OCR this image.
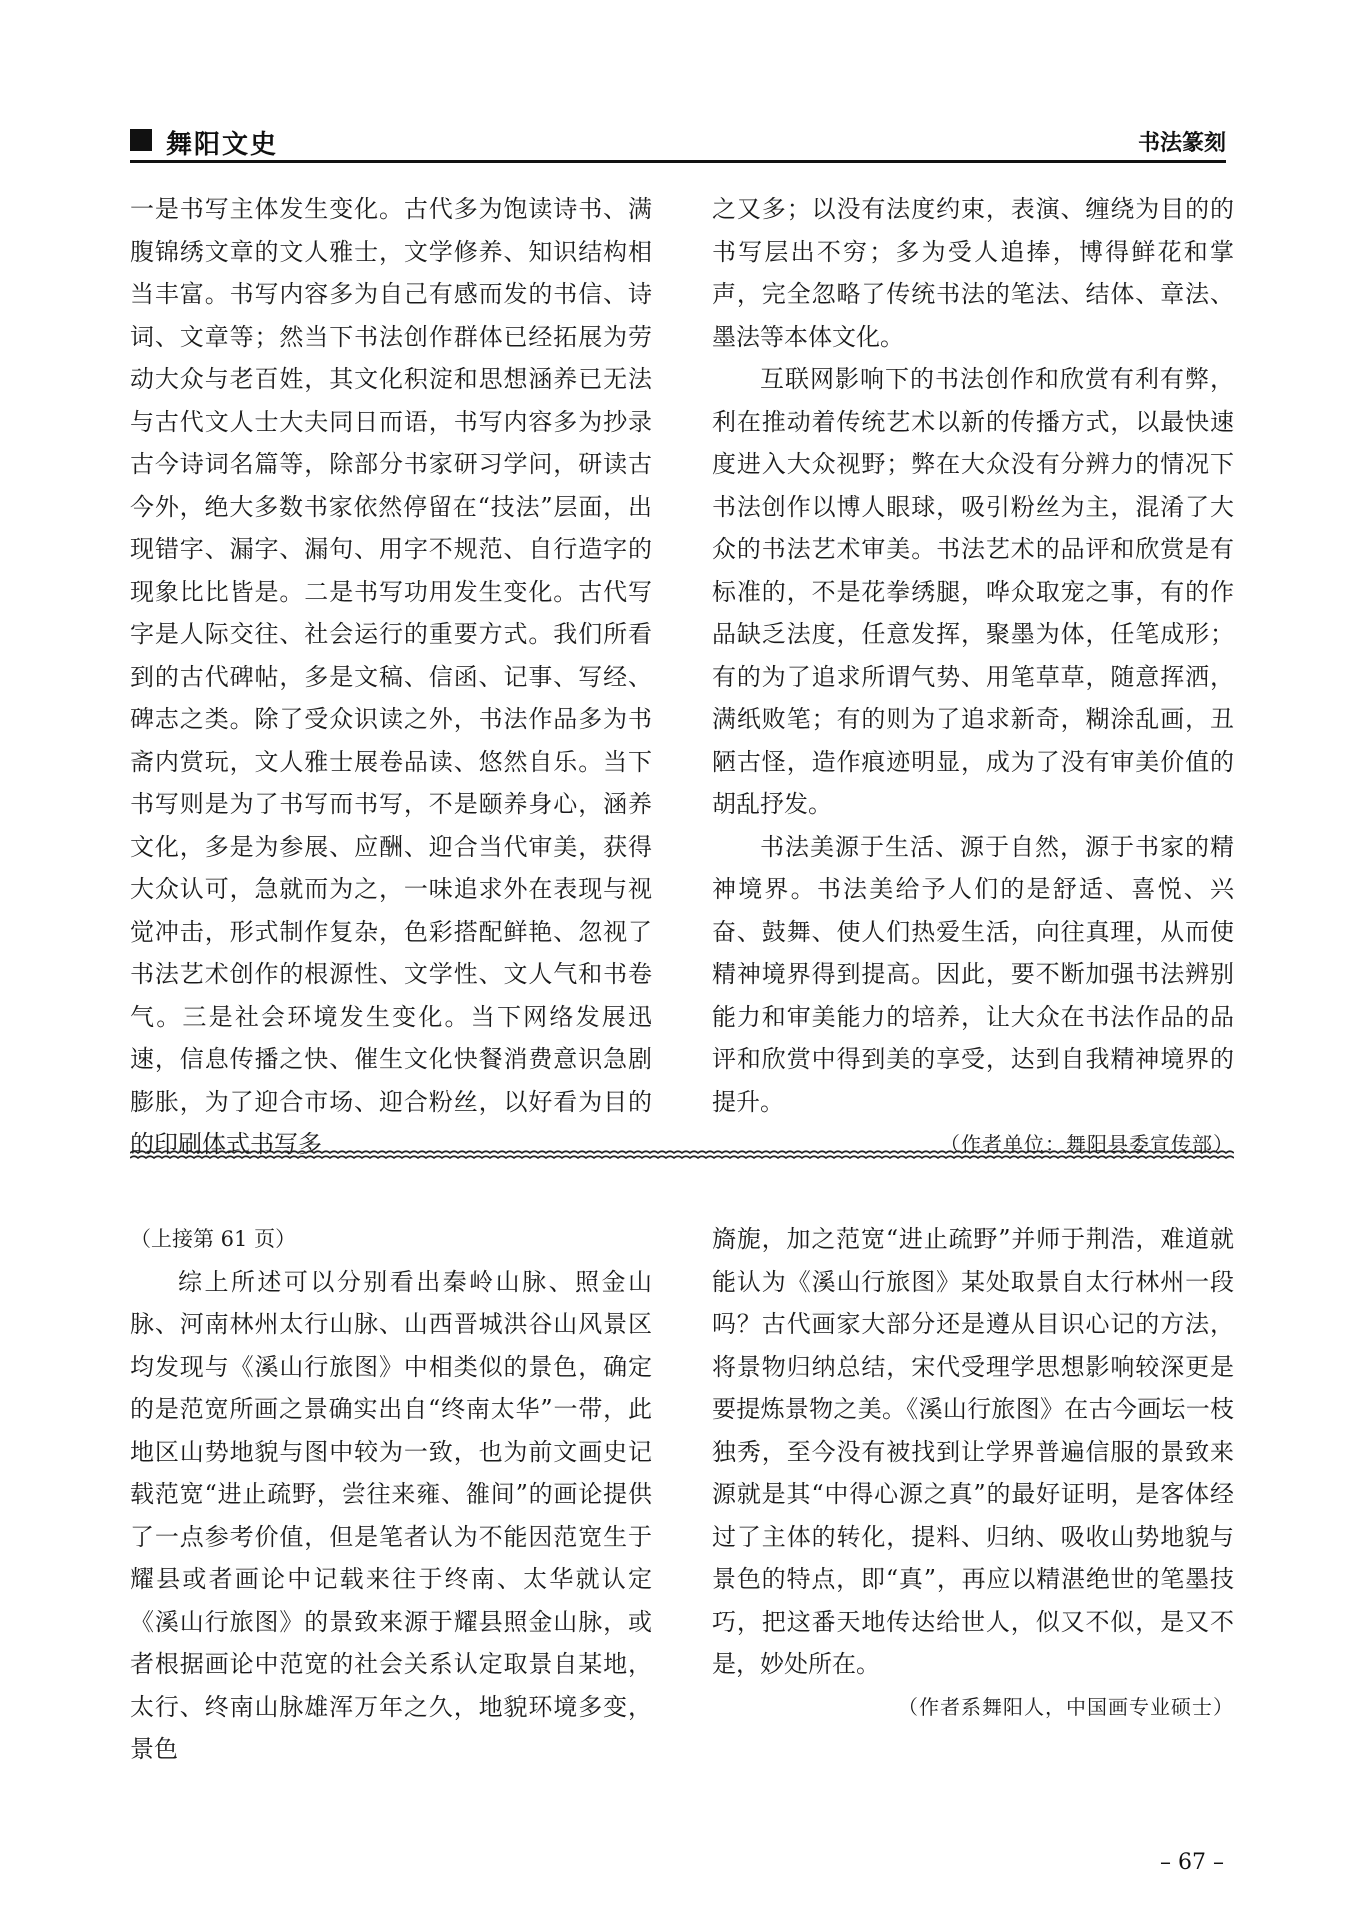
舞阳文史	书法篆刻

一是书写主体发生变化。古代多为饱读诗书、满腹锦绣文章的文人雅士，文学修养、知识结构相当丰富。书写内容多为自己有感而发的书信、诗词、文章等；然当下书法创作群体已经拓展为劳动大众与老百姓，其文化积淀和思想涵养已无法与古代文人士大夫同日而语，书写内容多为抄录古今诗词名篇等，除部分书家研习学问，研读古今外，绝大多数书家依然停留在“技法”层面，出现错字、漏字、漏句、用字不规范、自行造字的现象比比皆是。二是书写功用发生变化。古代写字是人际交往、社会运行的重要方式。我们所看到的古代碑帖，多是文稿、信函、记事、写经、碑志之类。除了受众识读之外，书法作品多为书斋内赏玩，文人雅士展卷品读、悠然自乐。当下书写则是为了书写而书写，不是颐养身心，涵养文化，多是为参展、应酬、迎合当代审美，获得大众认可，急就而为之，一味追求外在表现与视觉冲击，形式制作复杂，色彩搭配鲜艳、忽视了书法艺术创作的根源性、文学性、文人气和书卷气。三是社会环境发生变化。当下网络发展迅速，信息传播之快、催生文化快餐消费意识急剧膨胀，为了迎合市场、迎合粉丝，以好看为目的的印刷体式书写多

之又多；以没有法度约束，表演、缠绕为目的的书写层出不穷；多为受人追捧，博得鲜花和掌声，完全忽略了传统书法的笔法、结体、章法、墨法等本体文化。

互联网影响下的书法创作和欣赏有利有弊，利在推动着传统艺术以新的传播方式，以最快速度进入大众视野；弊在大众没有分辨力的情况下书法创作以博人眼球，吸引粉丝为主，混淆了大众的书法艺术审美。书法艺术的品评和欣赏是有标准的，不是花拳绣腿，哗众取宠之事，有的作品缺乏法度，任意发挥，聚墨为体，任笔成形；有的为了追求所谓气势、用笔草草，随意挥洒，满纸败笔；有的则为了追求新奇，糊涂乱画，丑陋古怪，造作痕迹明显，成为了没有审美价值的胡乱抒发。

书法美源于生活、源于自然，源于书家的精神境界。书法美给予人们的是舒适、喜悦、兴奋、鼓舞、使人们热爱生活，向往真理，从而使精神境界得到提高。因此，要不断加强书法辨别能力和审美能力的培养，让大众在书法作品的品评和欣赏中得到美的享受，达到自我精神境界的提升。

（作者单位：舞阳县委宣传部）

（上接第 61 页）

综上所述可以分别看出秦岭山脉、照金山脉、河南林州太行山脉、山西晋城洪谷山风景区均发现与《溪山行旅图》中相类似的景色，确定的是范宽所画之景确实出自“终南太华”一带，此地区山势地貌与图中较为一致，也为前文画史记载范宽“进止疏野，尝往来雍、雒间”的画论提供了一点参考价值，但是笔者认为不能因范宽生于耀县或者画论中记载来往于终南、太华就认定《溪山行旅图》的景致来源于耀县照金山脉，或者根据画论中范宽的社会关系认定取景自某地，太行、终南山脉雄浑万年之久，地貌环境多变，景色

旖旎，加之范宽“进止疏野”并师于荆浩，难道就能认为《溪山行旅图》某处取景自太行林州一段吗？古代画家大部分还是遵从目识心记的方法，将景物归纳总结，宋代受理学思想影响较深更是要提炼景物之美。《溪山行旅图》在古今画坛一枝独秀，至今没有被找到让学界普遍信服的景致来源就是其“中得心源之真”的最好证明，是客体经过了主体的转化，提料、归纳、吸收山势地貌与景色的特点，即“真”，再应以精湛绝世的笔墨技巧，把这番天地传达给世人，似又不似，是又不是，妙处所在。

（作者系舞阳人，中国画专业硕士）

– 67 –
